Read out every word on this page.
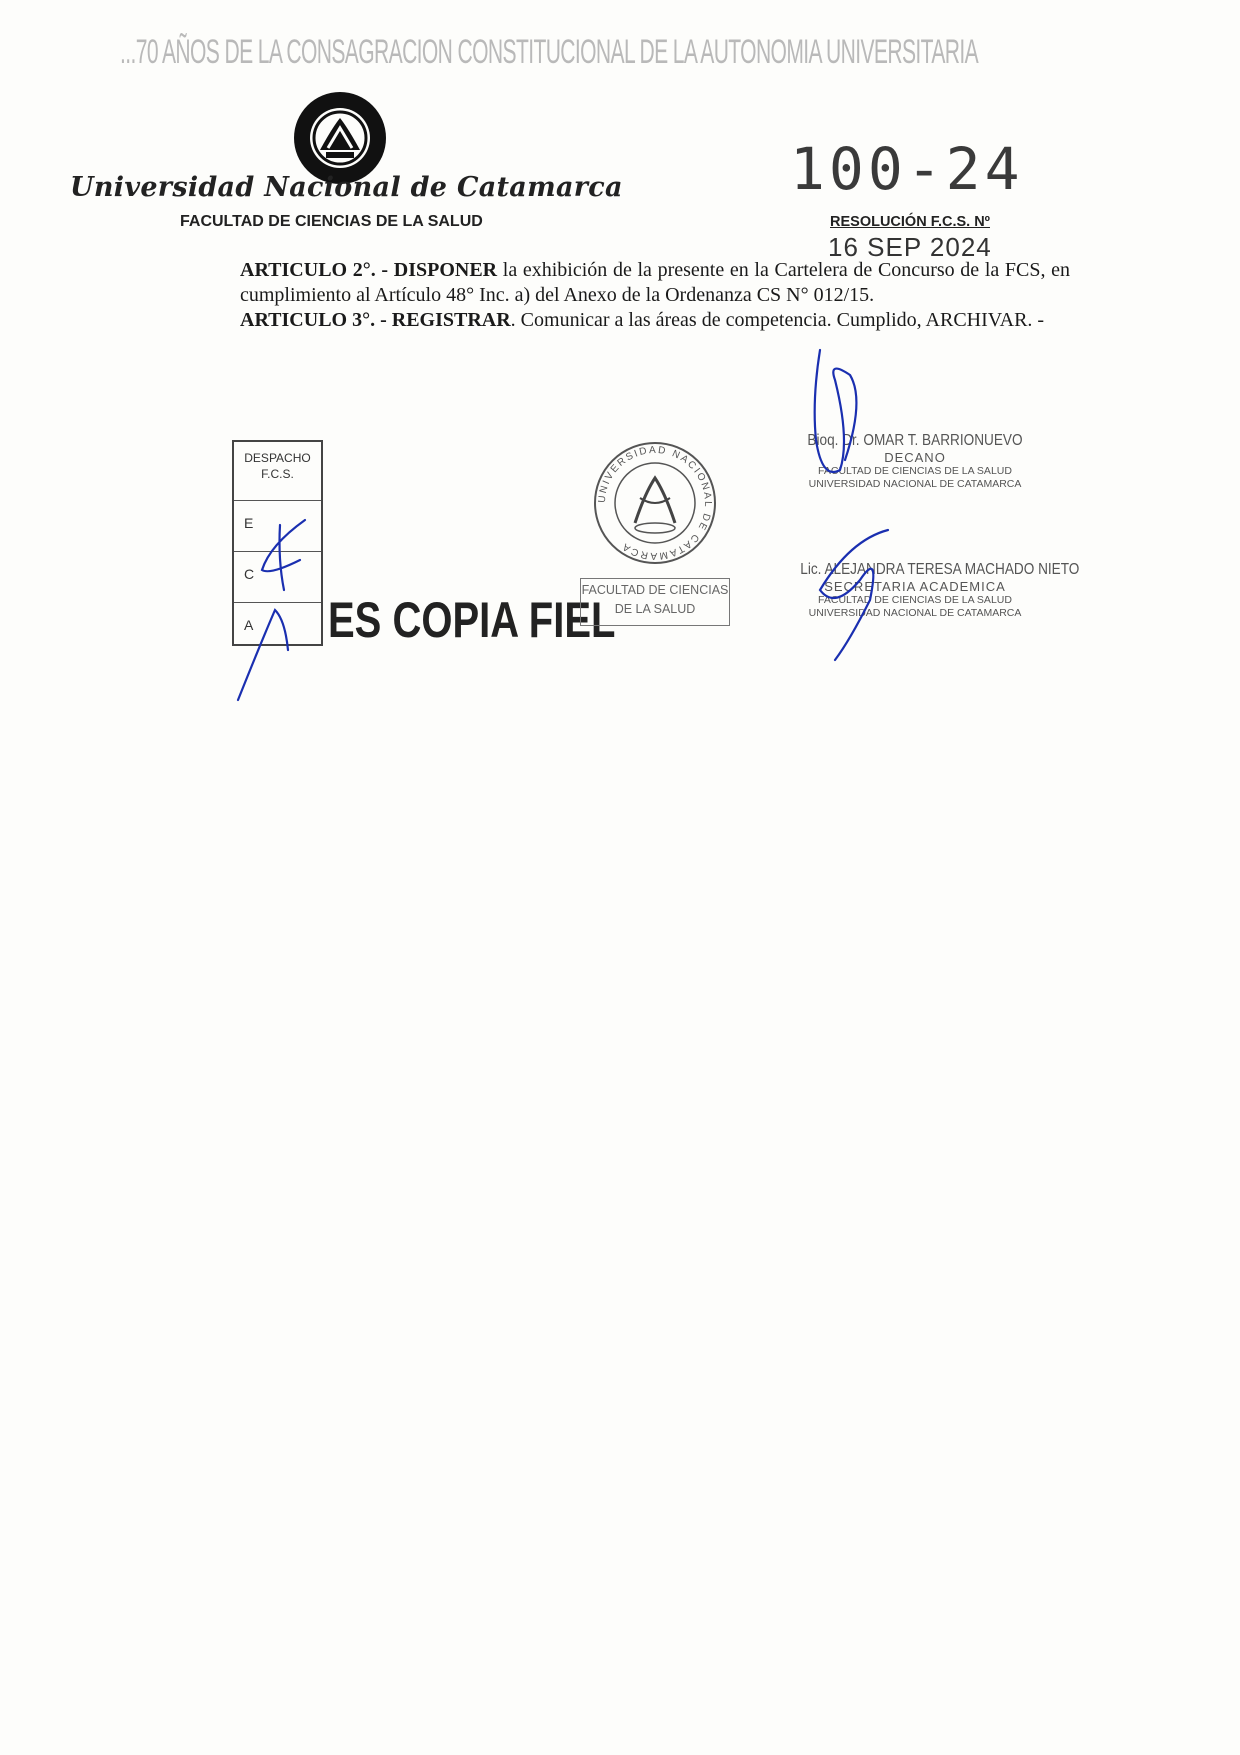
...70 AÑOS DE LA CONSAGRACION CONSTITUCIONAL DE LA AUTONOMIA UNIVERSITARIA
Universidad Nacional de Catamarca
FACULTAD DE CIENCIAS DE LA SALUD
100-24
RESOLUCIÓN F.C.S. Nº
16 SEP 2024

ARTICULO 2°. - DISPONER la exhibición de la presente en la Cartelera de Concurso de la FCS, en cumplimiento al Artículo 48° Inc. a) del Anexo de la Ordenanza CS N° 012/15.

ARTICULO 3°. - REGISTRAR. Comunicar a las áreas de competencia. Cumplido, ARCHIVAR. -

DESPACHO
F.C.S.
E
C
A ES COPIA FIEL
UNIVERSIDAD NACIONAL DE CATAMARCA
FACULTAD DE CIENCIAS
DE LA SALUD
Bioq. Dr. OMAR T. BARRIONUEVO
DECANO
FACULTAD DE CIENCIAS DE LA SALUD
UNIVERSIDAD NACIONAL DE CATAMARCA
Lic. ALEJANDRA TERESA MACHADO NIETO
SECRETARIA ACADEMICA
FACULTAD DE CIENCIAS DE LA SALUD
UNIVERSIDAD NACIONAL DE CATAMARCA
